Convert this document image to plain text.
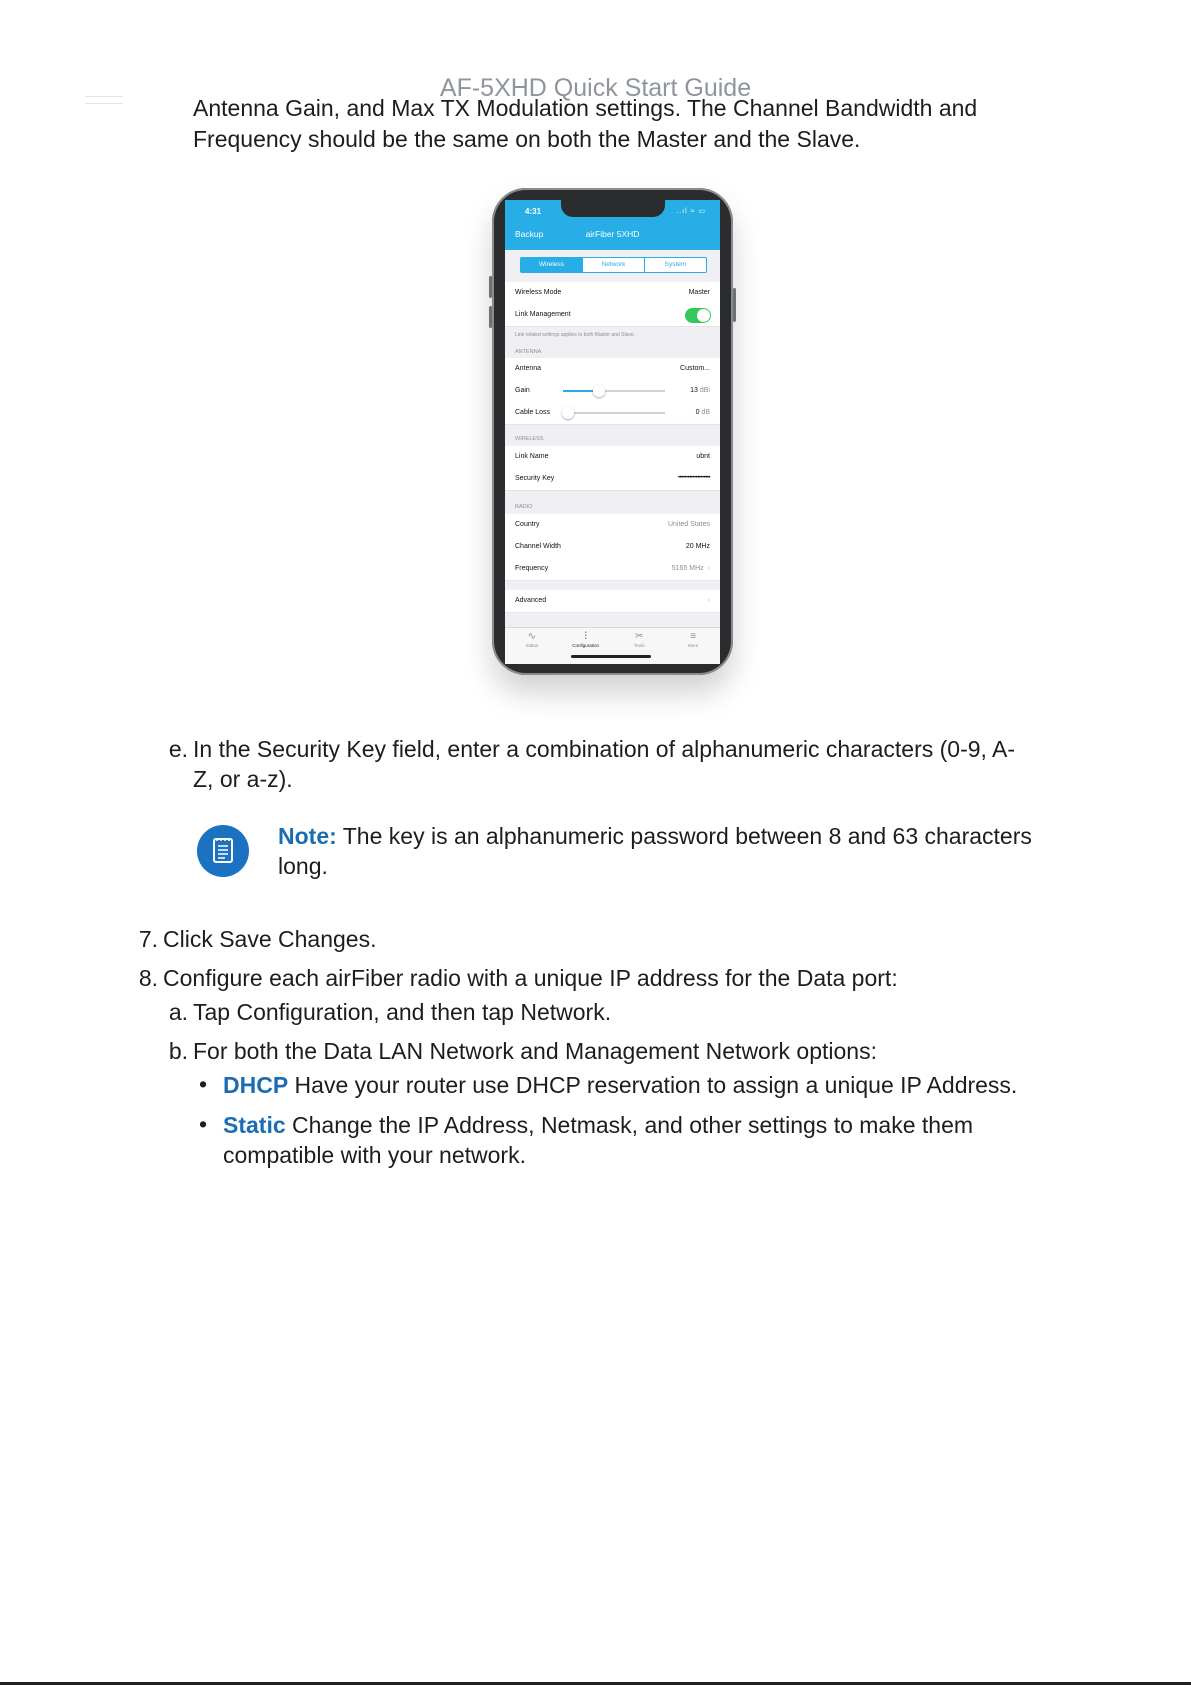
AF-5XHD Quick Start Guide
Antenna Gain, and Max TX Modulation settings. The Channel Bandwidth and
Frequency should be the same on both the Master and the Slave.
4:31	..ıl ≈ ▭
Backup	airFiber 5XHD
Wireless	Network	System
Wireless Mode	Master
Link Management
Link related settings applies to both Master and Slave.
ANTENNA
Antenna	Custom...
Gain	13 dBi
Cable Loss	0 dB
WIRELESS
Link Name	ubnt
Security Key	••••••••••••••••••••
RADIO
Country	United States
Channel Width	20 MHz
Frequency	5165 MHz ›
Advanced	›
∿
Status
⫶
Configuration
✂
Tools
≡
More
e. In the Security Key field, enter a combination of alphanumeric characters (0-9, A-
Z, or a-z).
Note: The key is an alphanumeric password between 8 and 63 characters
long.
7. Click Save Changes.
8. Configure each airFiber radio with a unique IP address for the Data port:
a. Tap Configuration, and then tap Network.
b. For both the Data LAN Network and Management Network options:
• DHCP Have your router use DHCP reservation to assign a unique IP Address.
• Static Change the IP Address, Netmask, and other settings to make them
compatible with your network.
